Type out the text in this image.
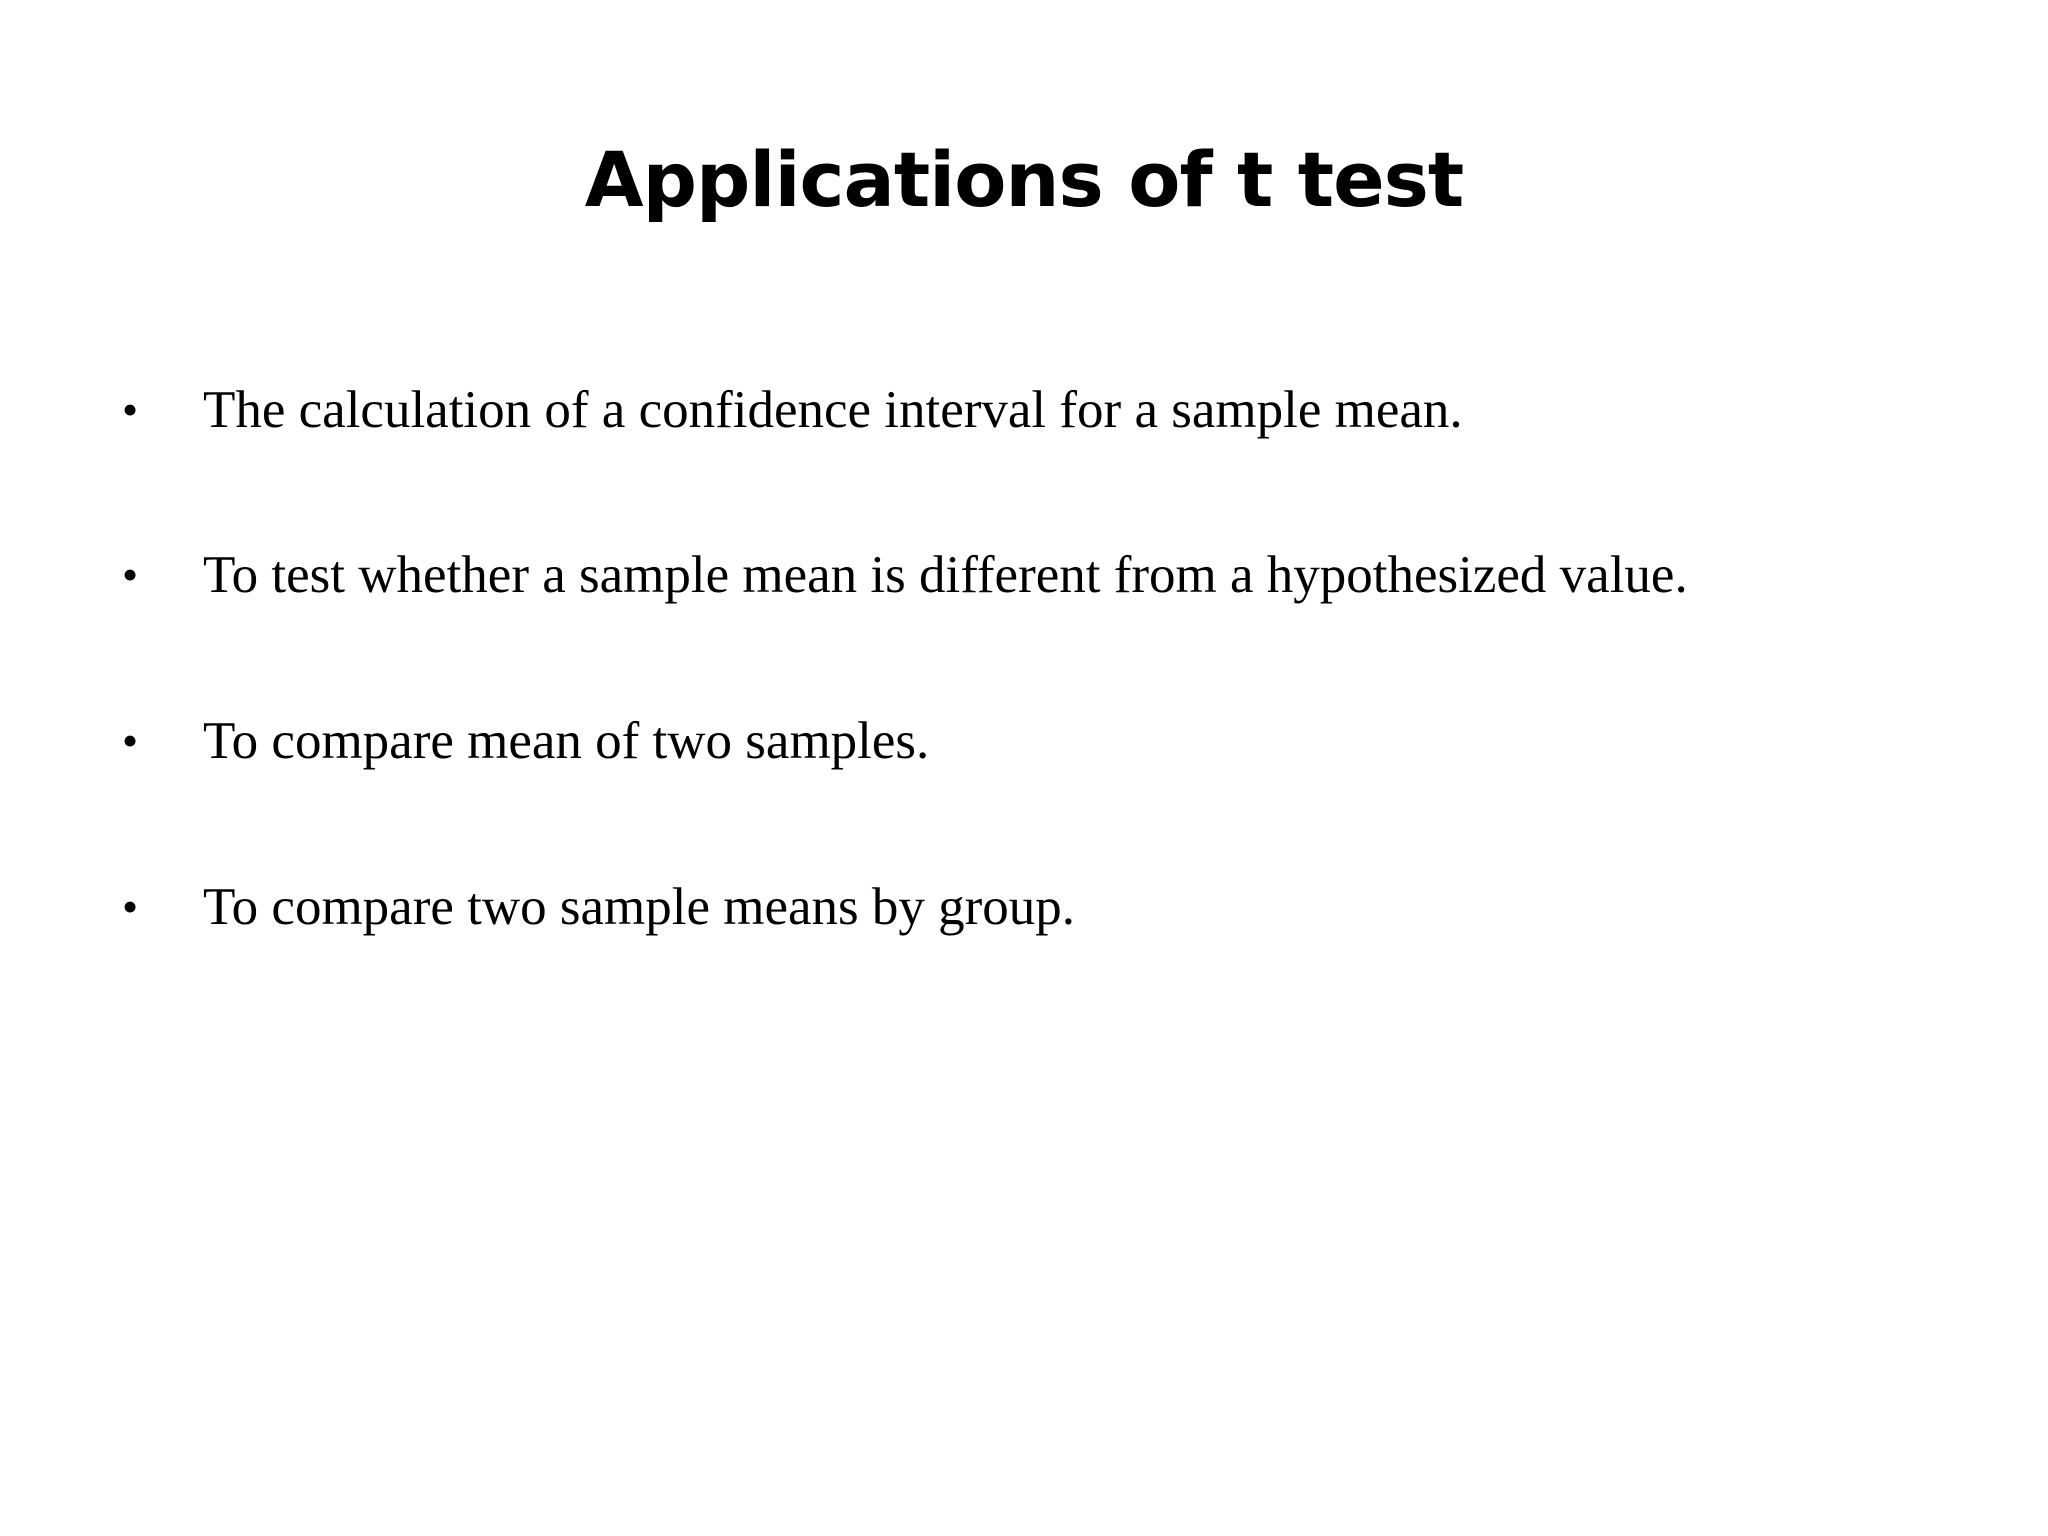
Applications of t test
• The calculation of a confidence interval for a sample mean.
• To test whether a sample mean is different from a hypothesized value.
• To compare mean of two samples.
• To compare two sample means by group.
